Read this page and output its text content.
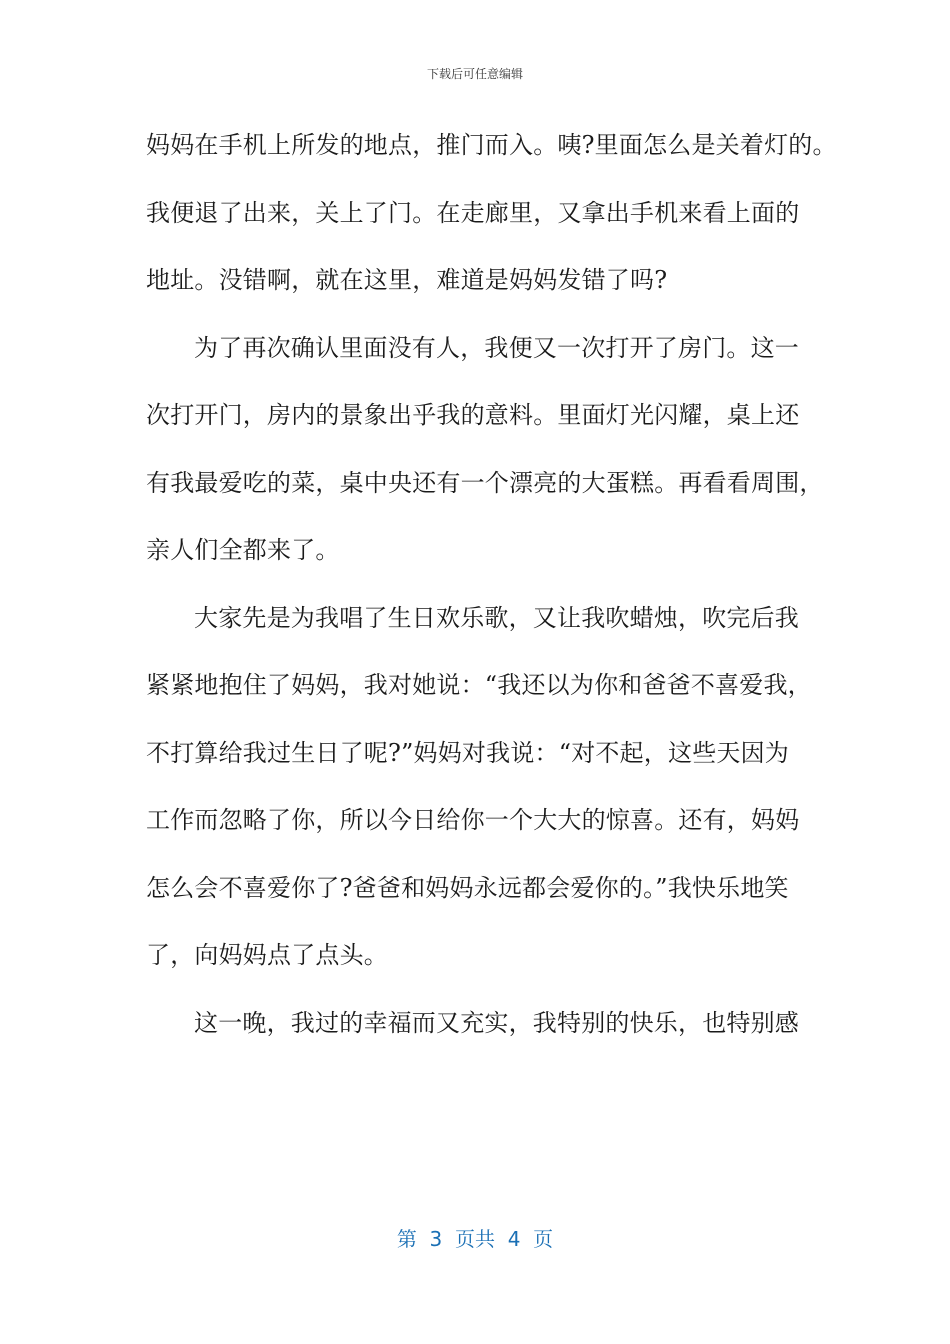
下载后可任意编辑
妈妈在手机上所发的地点，推门而入。咦?里面怎么是关着灯的。
我便退了出来，关上了门。在走廊里，又拿出手机来看上面的
地址。没错啊，就在这里，难道是妈妈发错了吗?
为了再次确认里面没有人，我便又一次打开了房门。这一
次打开门，房内的景象出乎我的意料。里面灯光闪耀，桌上还
有我最爱吃的菜，桌中央还有一个漂亮的大蛋糕。再看看周围，
亲人们全都来了。
大家先是为我唱了生日欢乐歌，又让我吹蜡烛，吹完后我
紧紧地抱住了妈妈，我对她说：“我还以为你和爸爸不喜爱我，
不打算给我过生日了呢?”妈妈对我说：“对不起，这些天因为
工作而忽略了你，所以今日给你一个大大的惊喜。还有，妈妈
怎么会不喜爱你了?爸爸和妈妈永远都会爱你的。”我快乐地笑
了，向妈妈点了点头。
这一晚，我过的幸福而又充实，我特别的快乐，也特别感
第  3  页共  4  页
